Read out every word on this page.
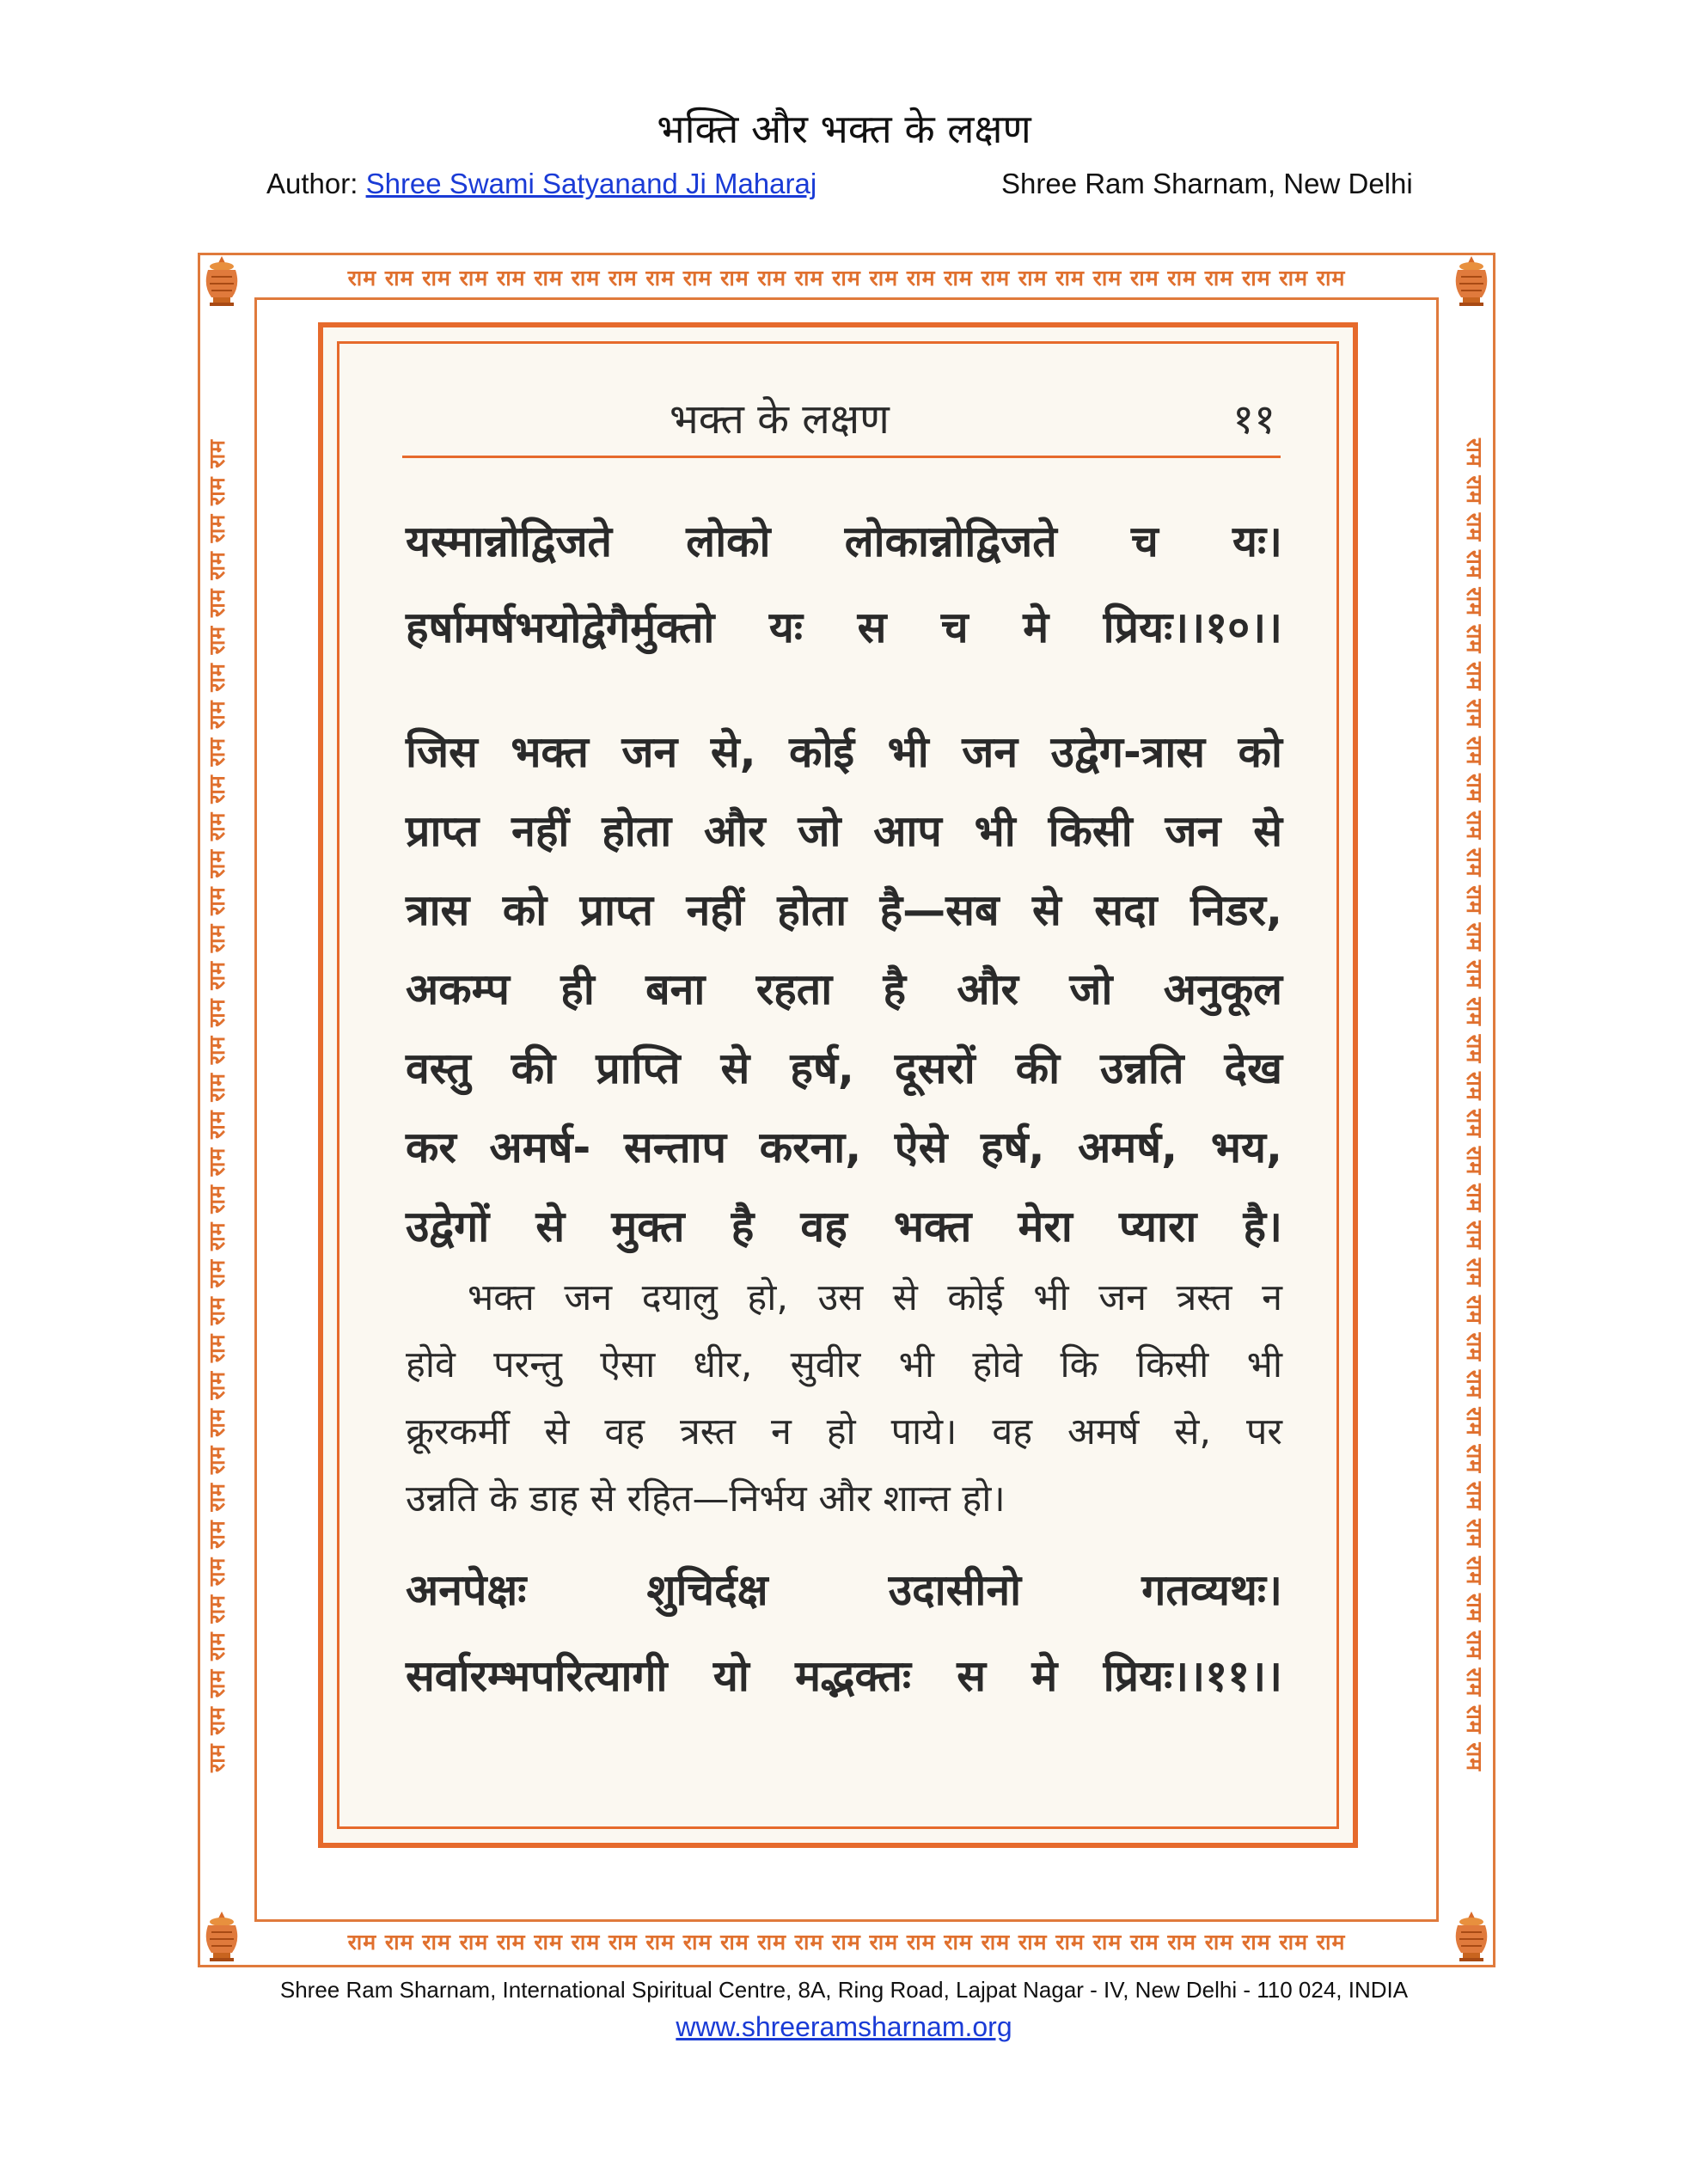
भक्ति और भक्त के लक्षण
Author: Shree Swami Satyanand Ji Maharaj	Shree Ram Sharnam, New Delhi
राम राम राम राम राम राम राम राम राम राम राम राम राम राम राम राम राम राम राम राम राम राम राम राम राम राम राम
राम राम राम राम राम राम राम राम राम राम राम राम राम राम राम राम राम राम राम राम राम राम राम राम राम राम राम
राम राम राम राम राम राम राम राम राम राम राम राम राम राम राम राम राम राम राम राम राम राम राम राम राम राम राम राम राम राम राम राम राम राम राम राम	राम राम राम राम राम राम राम राम राम राम राम राम राम राम राम राम राम राम राम राम राम राम राम राम राम राम राम राम राम राम राम राम राम राम राम राम
भक्त के लक्षण	११
यस्मान्नोद्विजते लोको लोकान्नोद्विजते च यः।
हर्षामर्षभयोद्वेगैर्मुक्तो यः स च मे प्रियः।।१०।।
जिस भक्त जन से, कोई भी जन उद्वेग-त्रास को
प्राप्त नहीं होता और जो आप भी किसी जन से
त्रास को प्राप्त नहीं होता है—सब से सदा निडर,
अकम्प ही बना रहता है और जो अनुकूल
वस्तु की प्राप्ति से हर्ष, दूसरों की उन्नति देख
कर अमर्ष- सन्ताप करना, ऐसे हर्ष, अमर्ष, भय,
उद्वेगों से मुक्त है वह भक्त मेरा प्यारा है।
भक्त जन दयालु हो, उस से कोई भी जन त्रस्त न
होवे परन्तु ऐसा धीर, सुवीर भी होवे कि किसी भी
क्रूरकर्मी से वह त्रस्त न हो पाये। वह अमर्ष से, पर
उन्नति के डाह से रहित—निर्भय और शान्त हो।
अनपेक्षः शुचिर्दक्ष उदासीनो गतव्यथः।
सर्वारम्भपरित्यागी यो मद्भक्तः स मे प्रियः।।११।।
Shree Ram Sharnam, International Spiritual Centre, 8A, Ring Road, Lajpat Nagar - IV, New Delhi - 110 024, INDIA
www.shreeramsharnam.org
